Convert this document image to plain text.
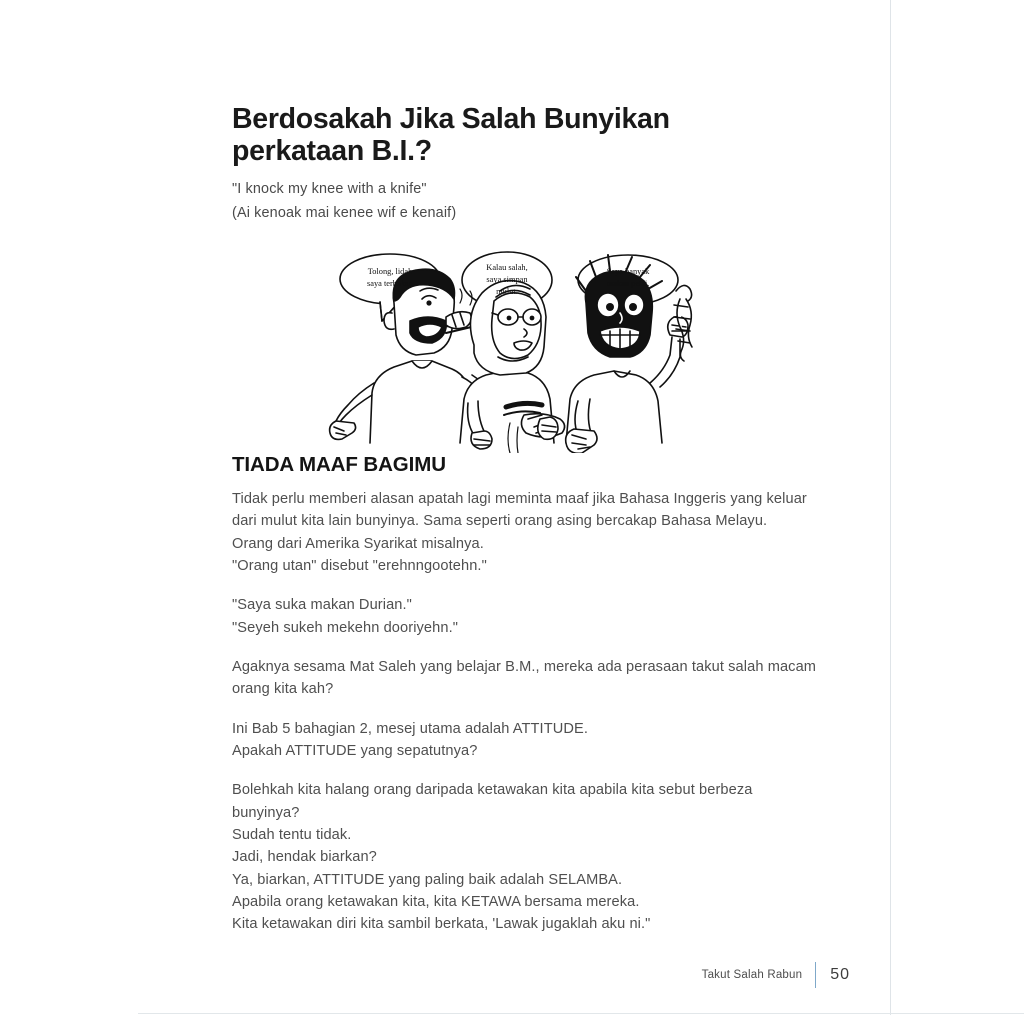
Berdosakah Jika Salah Bunyikan
perkataan B.I.?
"I knock my knee with a knife"
(Ai kenoak mai kenee wif e kenaif)
Tolong, lidah
saya terbakar.
Kalau salah,
saya simpan
mulut.
Saya banyak
makan petai.
TIADA MAAF BAGIMU

Tidak perlu memberi alasan apatah lagi meminta maaf jika Bahasa Inggeris yang keluar
dari mulut kita lain bunyinya. Sama seperti orang asing bercakap Bahasa Melayu.
Orang dari Amerika Syarikat misalnya.
"Orang utan" disebut "erehnngootehn."

"Saya suka makan Durian."
"Seyeh sukeh mekehn dooriyehn."

Agaknya sesama Mat Saleh yang belajar B.M., mereka ada perasaan takut salah macam
orang kita kah?

Ini Bab 5 bahagian 2, mesej utama adalah ATTITUDE.
Apakah ATTITUDE yang sepatutnya?

Bolehkah kita halang orang daripada ketawakan kita apabila kita sebut berbeza
bunyinya?
Sudah tentu tidak.
Jadi, hendak biarkan?
Ya, biarkan, ATTITUDE yang paling baik adalah SELAMBA.
Apabila orang ketawakan kita, kita KETAWA bersama mereka.
Kita ketawakan diri kita sambil berkata, 'Lawak jugaklah aku ni."

Takut Salah Rabun	50
